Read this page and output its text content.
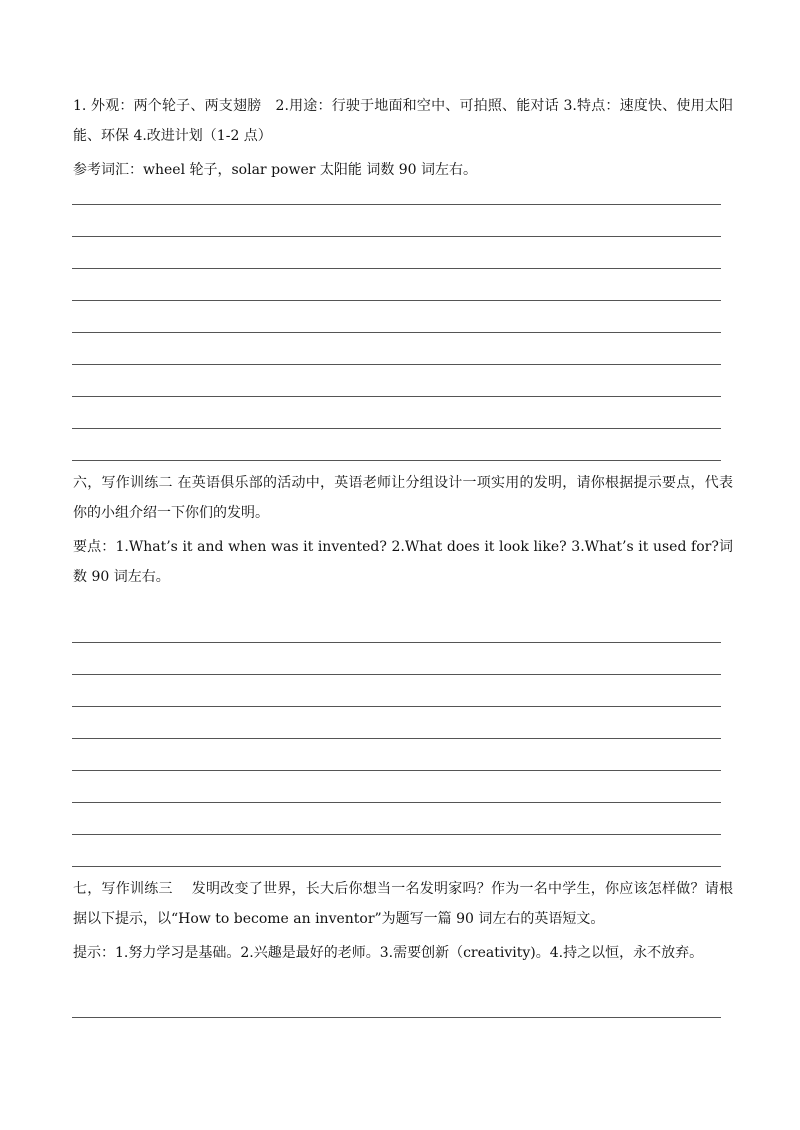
1. 外观：两个轮子、两支翅膀　2.用途：行驶于地面和空中、可拍照、能对话 3.特点：速度快、使用太阳能、环保 4.改进计划（1-2 点）

参考词汇：wheel 轮子，solar power 太阳能 词数 90 词左右。

六，写作训练二 在英语俱乐部的活动中，英语老师让分组设计一项实用的发明，请你根据提示要点，代表你的小组介绍一下你们的发明。

要点：1.What’s it and when was it invented? 2.What does it look like? 3.What’s it used for?词数 90 词左右。

七，写作训练三　 发明改变了世界，长大后你想当一名发明家吗？作为一名中学生，你应该怎样做？请根据以下提示，以“How to become an inventor”为题写一篇 90 词左右的英语短文。

提示：1.努力学习是基础。2.兴趣是最好的老师。3.需要创新（creativity)。4.持之以恒，永不放弃。
